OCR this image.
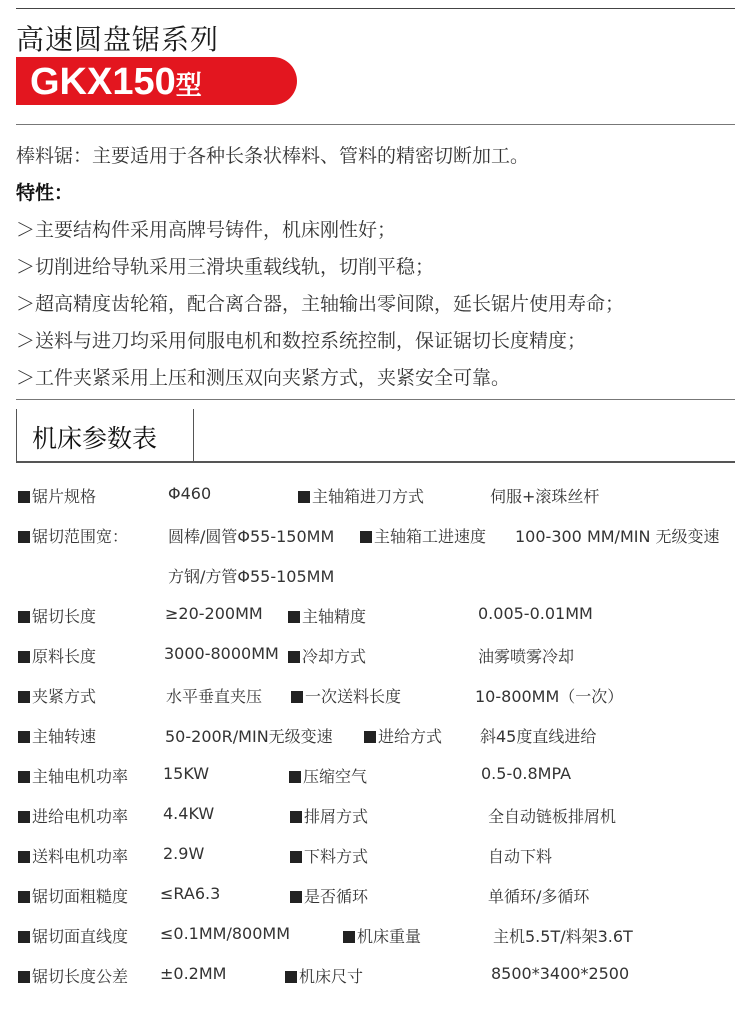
高速圆盘锯系列
GKX150型
棒料锯：主要适用于各种长条状棒料、管料的精密切断加工。
特性：
＞主要结构件采用高牌号铸件，机床刚性好；
＞切削进给导轨采用三滑块重载线轨，切削平稳；
＞超高精度齿轮箱，配合离合器，主轴输出零间隙，延长锯片使用寿命；
＞送料与进刀均采用伺服电机和数控系统控制，保证锯切长度精度；
＞工件夹紧采用上压和测压双向夹紧方式，夹紧安全可靠。
机床参数表
锯片规格	Φ460	主轴箱进刀方式	伺服+滚珠丝杆
锯切范围宽： 圆棒/圆管Φ55-150MM	主轴箱工进速度 100-300 MM/MIN 无级变速
方钢/方管Φ55-105MM
锯切长度	≥20-200MM	主轴精度	0.005-0.01MM
原料长度	3000-8000MM	冷却方式	油雾喷雾冷却
夹紧方式	水平垂直夹压	一次送料长度	10-800MM（一次）
主轴转速	50-200R/MIN无级变速	进给方式 斜45度直线进给
主轴电机功率 15KW	压缩空气	0.5-0.8MPA
进给电机功率 4.4KW	排屑方式	全自动链板排屑机
送料电机功率 2.9W	下料方式	自动下料
锯切面粗糙度 ≤RA6.3	是否循环	单循环/多循环
锯切面直线度 ≤0.1MM/800MM	机床重量	主机5.5T/料架3.6T
锯切长度公差 ±0.2MM	机床尺寸	8500*3400*2500
